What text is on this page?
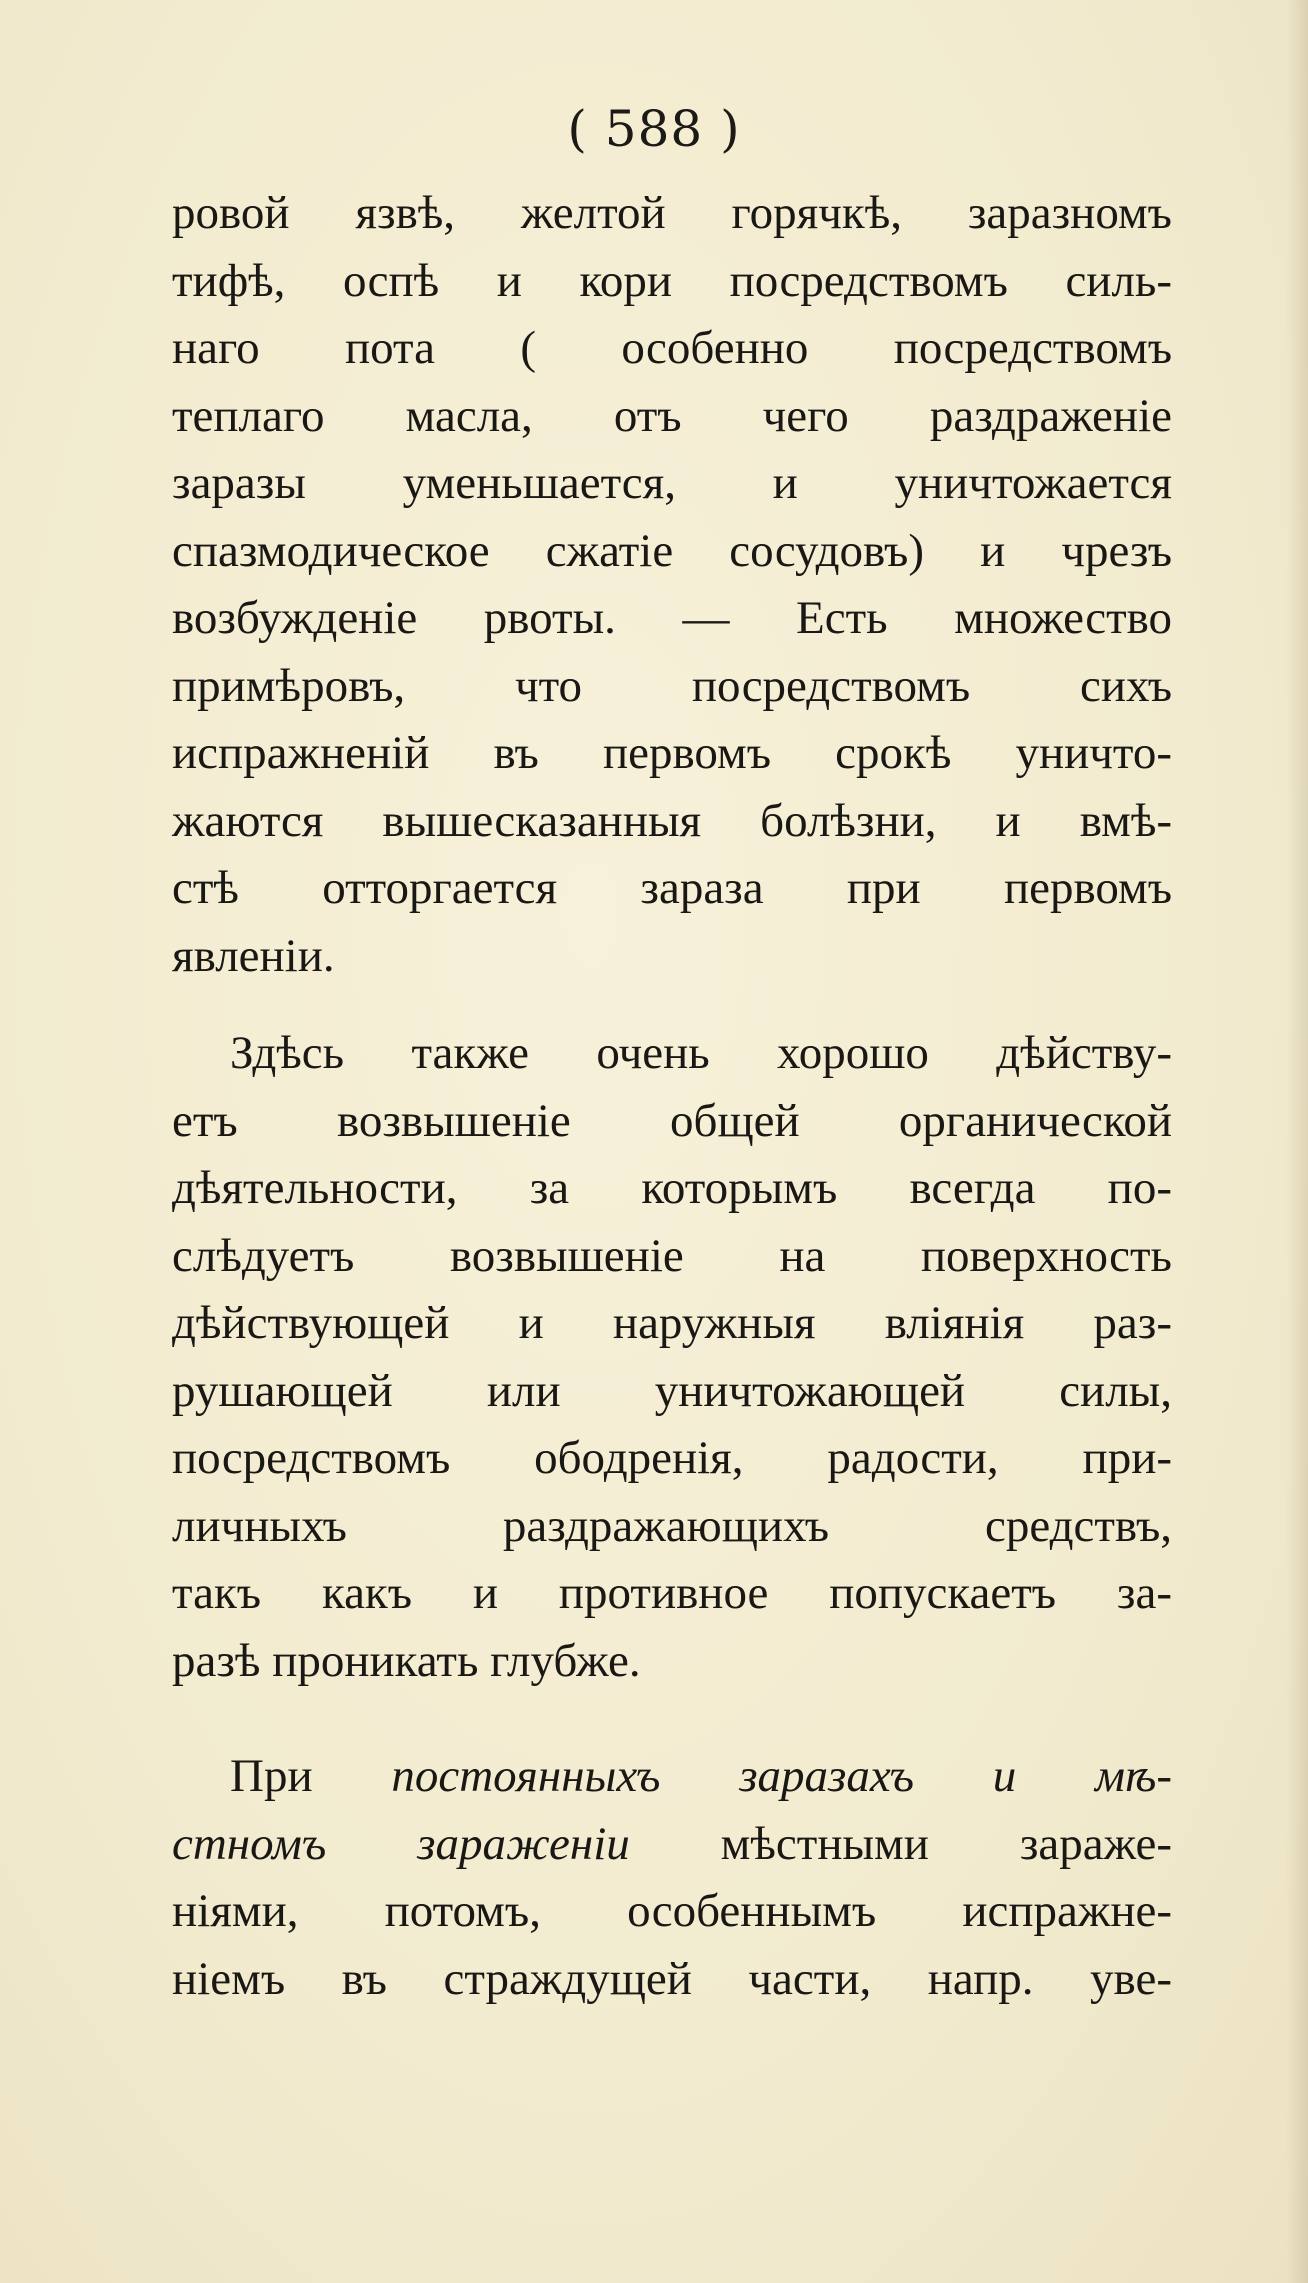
( 588 )
ровой язвѣ, желтой горячкѣ, заразномъ
тифѣ, оспѣ и кори посредствомъ силь-
наго пота ( особенно посредствомъ
теплаго масла, отъ чего раздраженіе
заразы уменьшается, и уничтожается
спазмодическое сжатіе сосудовъ) и чрезъ
возбужденіе рвоты. — Есть множество
примѣровъ, что посредствомъ сихъ
испражненій въ первомъ срокѣ уничто-
жаются вышесказанныя болѣзни, и вмѣ-
стѣ отторгается зараза при первомъ
явленіи.
Здѣсь также очень хорошо дѣйству-
етъ возвышеніе общей органической
дѣятельности, за которымъ всегда по-
слѣдуетъ возвышеніе на поверхность
дѣйствующей и наружныя вліянія раз-
рушающей или уничтожающей силы,
посредствомъ ободренія, радости, при-
личныхъ раздражающихъ средствъ,
такъ какъ и противное попускаетъ за-
разѣ проникать глубже.
При постоянныхъ заразахъ и мѣ-
стномъ зараженіи мѣстными зараже-
ніями, потомъ, особеннымъ испражне-
ніемъ въ страждущей части, напр. уве-
